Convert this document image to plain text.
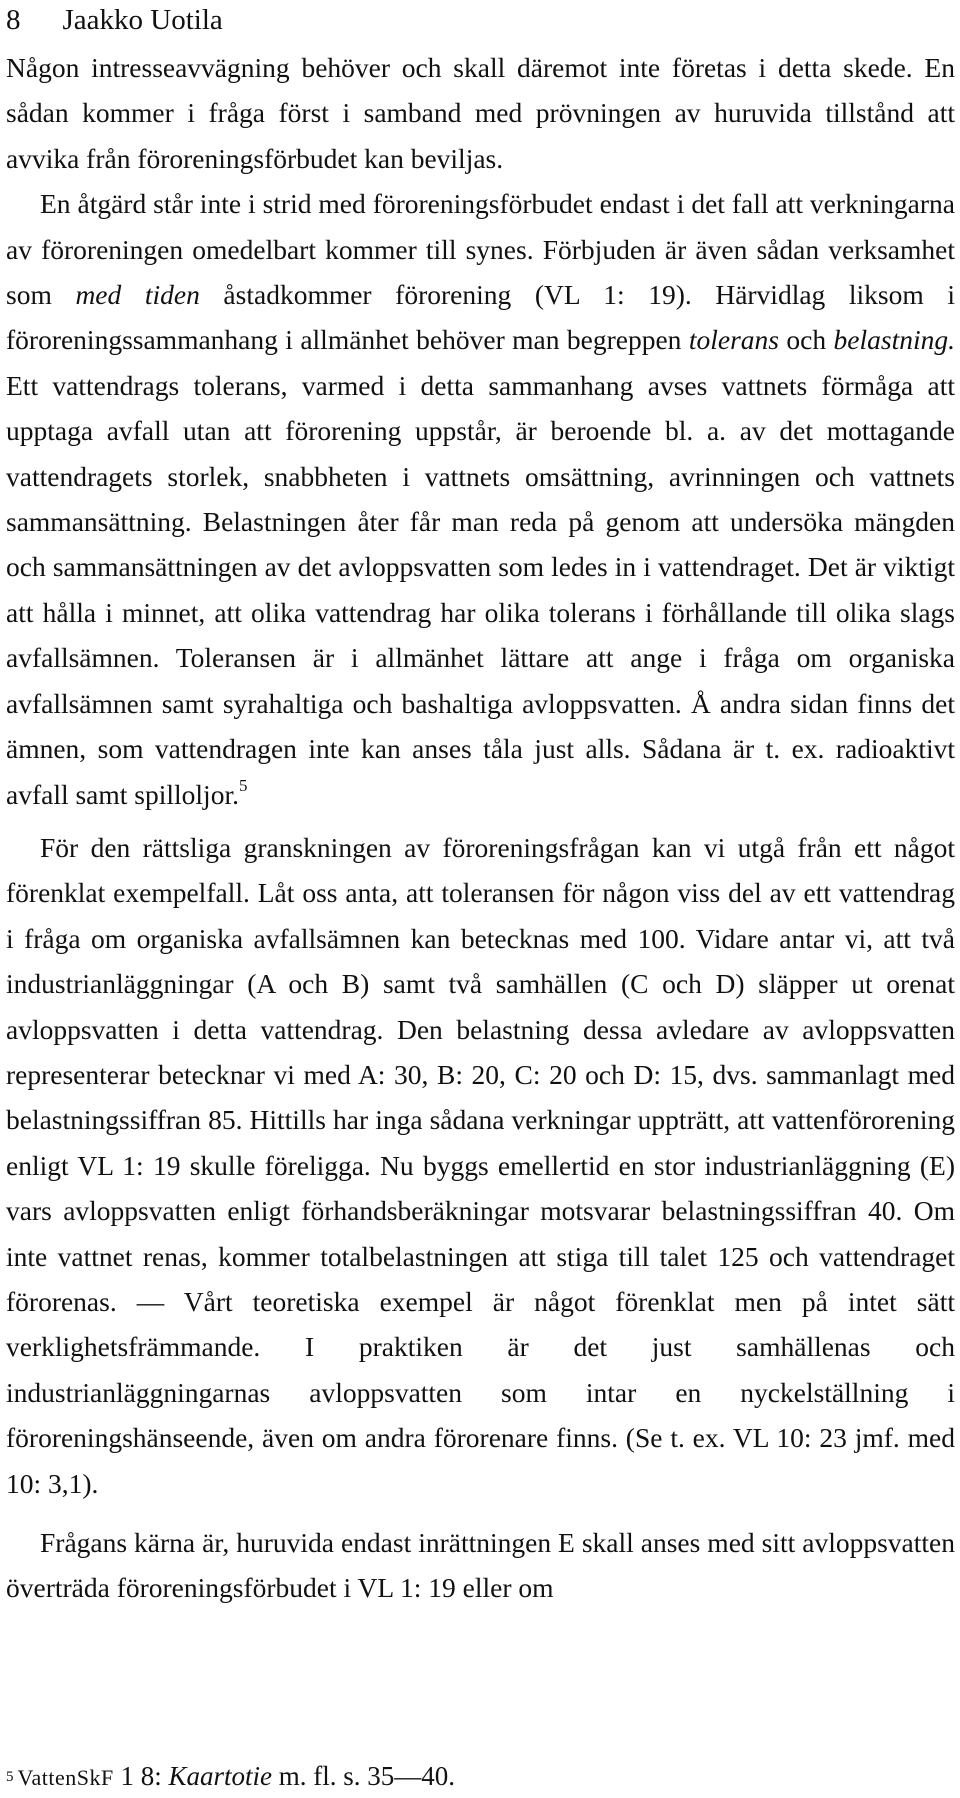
8 Jaakko Uotila

Någon intresseavvägning behöver och skall däremot inte företas i detta skede. En sådan kommer i fråga först i samband med prövningen av huruvida tillstånd att avvika från föroreningsförbudet kan beviljas.

En åtgärd står inte i strid med föroreningsförbudet endast i det fall att verkningarna av föroreningen omedelbart kommer till synes. Förbjuden är även sådan verksamhet som med tiden åstadkommer förorening (VL 1: 19). Härvidlag liksom i föroreningssammanhang i allmänhet behöver man begreppen tolerans och belastning. Ett vattendrags tolerans, varmed i detta sammanhang avses vattnets förmåga att upptaga avfall utan att förorening uppstår, är beroende bl. a. av det mottagande vattendragets storlek, snabbheten i vattnets omsättning, avrinningen och vattnets sammansättning. Belastningen åter får man reda på genom att undersöka mängden och sammansättningen av det avloppsvatten som ledes in i vattendraget. Det är viktigt att hålla i minnet, att olika vattendrag har olika tolerans i förhållande till olika slags avfallsämnen. Toleransen är i allmänhet lättare att ange i fråga om organiska avfallsämnen samt syrahaltiga och bashaltiga avloppsvatten. Å andra sidan finns det ämnen, som vattendragen inte kan anses tåla just alls. Sådana är t. ex. radioaktivt avfall samt spilloljor.$^5$

För den rättsliga granskningen av föroreningsfrågan kan vi utgå från ett något förenklat exempelfall. Låt oss anta, att toleransen för någon viss del av ett vattendrag i fråga om organiska avfallsämnen kan betecknas med 100. Vidare antar vi, att två industrianläggningar (A och B) samt två samhällen (C och D) släpper ut orenat avloppsvatten i detta vattendrag. Den belastning dessa avledare av avloppsvatten representerar betecknar vi med A: 30, B: 20, C: 20 och D: 15, dvs. sammanlagt med belastningssiffran 85. Hittills har inga sådana verkningar uppträtt, att vattenförorening enligt VL 1: 19 skulle föreligga. Nu byggs emellertid en stor industrianläggning (E) vars avloppsvatten enligt förhandsberäkningar motsvarar belastningssiffran 40. Om inte vattnet renas, kommer totalbelastningen att stiga till talet 125 och vattendraget förorenas. — Vårt teoretiska exempel är något förenklat men på intet sätt verklighetsfrämmande. I praktiken är det just samhällenas och industrianläggningarnas avloppsvatten som intar en nyckelställning i föroreningshänseende, även om andra förorenare finns. (Se t. ex. VL 10: 23 jmf. med 10: 3,1).

Frågans kärna är, huruvida endast inrättningen E skall anses med sitt avloppsvatten överträda föroreningsförbudet i VL 1: 19 eller om

$^5$ VattenSkF 1 8: Kaartotie m. fl. s. 35—40.
